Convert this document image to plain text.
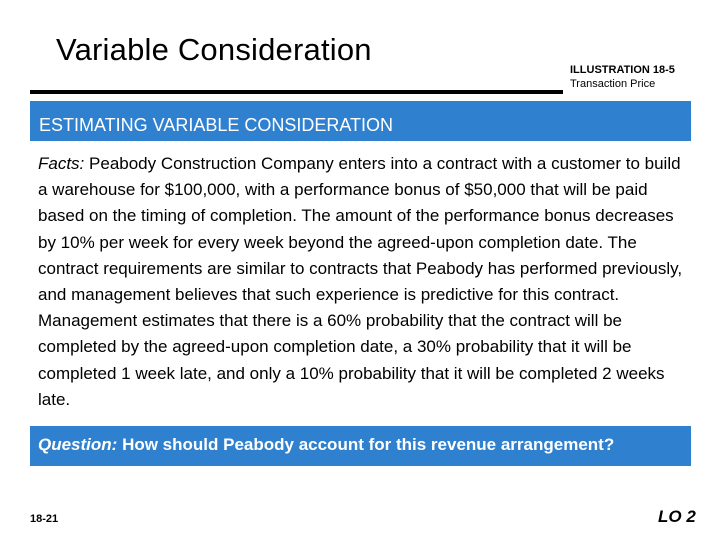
Variable Consideration
ILLUSTRATION 18-5
Transaction Price
ESTIMATING VARIABLE CONSIDERATION
Facts: Peabody Construction Company enters into a contract with a customer to build a warehouse for $100,000, with a performance bonus of $50,000 that will be paid based on the timing of completion. The amount of the performance bonus decreases by 10% per week for every week beyond the agreed-upon completion date. The contract requirements are similar to contracts that Peabody has performed previously, and management believes that such experience is predictive for this contract. Management estimates that there is a 60% probability that the contract will be completed by the agreed-upon completion date, a 30% probability that it will be completed 1 week late, and only a 10% probability that it will be completed 2 weeks late.
Question: How should Peabody account for this revenue arrangement?
18-21	LO 2
